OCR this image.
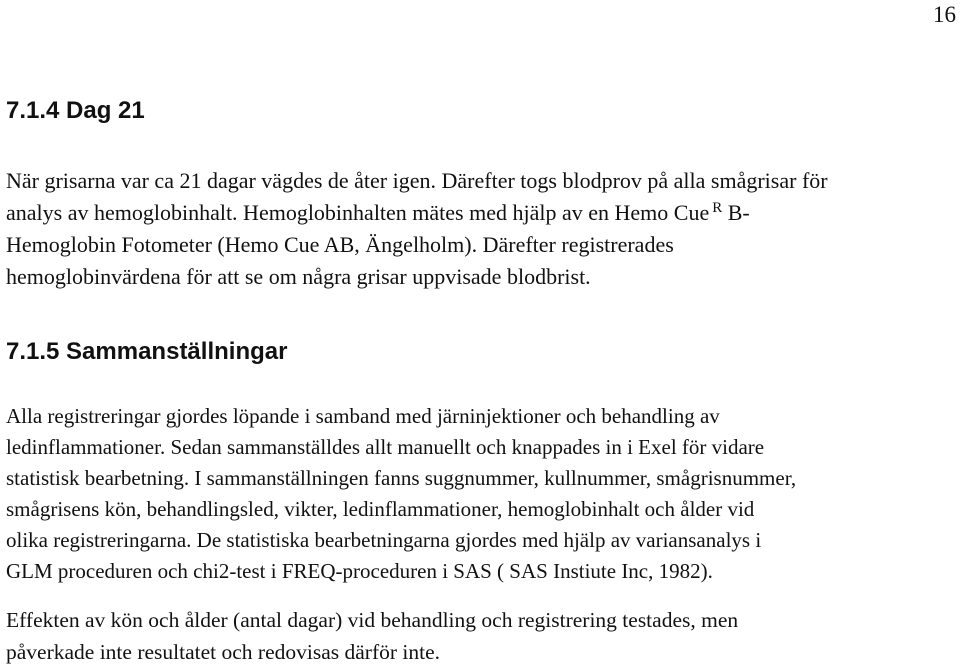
16
7.1.4 Dag 21
När grisarna var ca 21 dagar vägdes de åter igen. Därefter togs blodprov på alla smågrisar för
analys av hemoglobinhalt. Hemoglobinhalten mätes med hjälp av en Hemo Cue $^R$ B-
Hemoglobin Fotometer (Hemo Cue AB, Ängelholm). Därefter registrerades
hemoglobinvärdena för att se om några grisar uppvisade blodbrist.
7.1.5 Sammanställningar
Alla registreringar gjordes löpande i samband med järninjektioner och behandling av
ledinflammationer. Sedan sammanställdes allt manuellt och knappades in i Exel för vidare
statistisk bearbetning. I sammanställningen fanns suggnummer, kullnummer, smågrisnummer,
smågrisens kön, behandlingsled, vikter, ledinflammationer, hemoglobinhalt och ålder vid
olika registreringarna. De statistiska bearbetningarna gjordes med hjälp av variansanalys i
GLM proceduren och chi2-test i FREQ-proceduren i SAS ( SAS Instiute Inc, 1982).
Effekten av kön och ålder (antal dagar) vid behandling och registrering testades, men
påverkade inte resultatet och redovisas därför inte.
